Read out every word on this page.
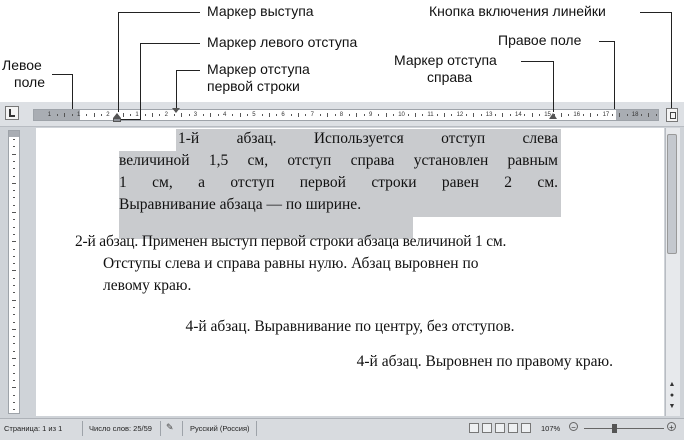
1	1	2	1	2	3	4	5	6	7	8	9	10	11	12	13	14	15	16	17	18
1-й абзац. Используется отступ слева
величиной 1,5 см, отступ справа установлен равным
1 см, а отступ первой строки равен 2 см.
Выравнивание абзаца — по ширине.
2-й абзац. Применен выступ первой строки абзаца величиной 1 см.
Отступы слева и справа равны нулю. Абзац выровнен по
левому краю.
4-й абзац. Выравнивание по центру, без отступов.
4-й абзац. Выровнен по правому краю.
▲
●
▼
Страница: 1 из 1	Число слов: 25/59 ✎ Русский (Россия)	107% −	+
Маркер выступа
Маркер левого отступа
Маркер отступа
первой строки
Кнопка включения линейки
Правое поле
Маркер отступа
справа
Левое
поле
